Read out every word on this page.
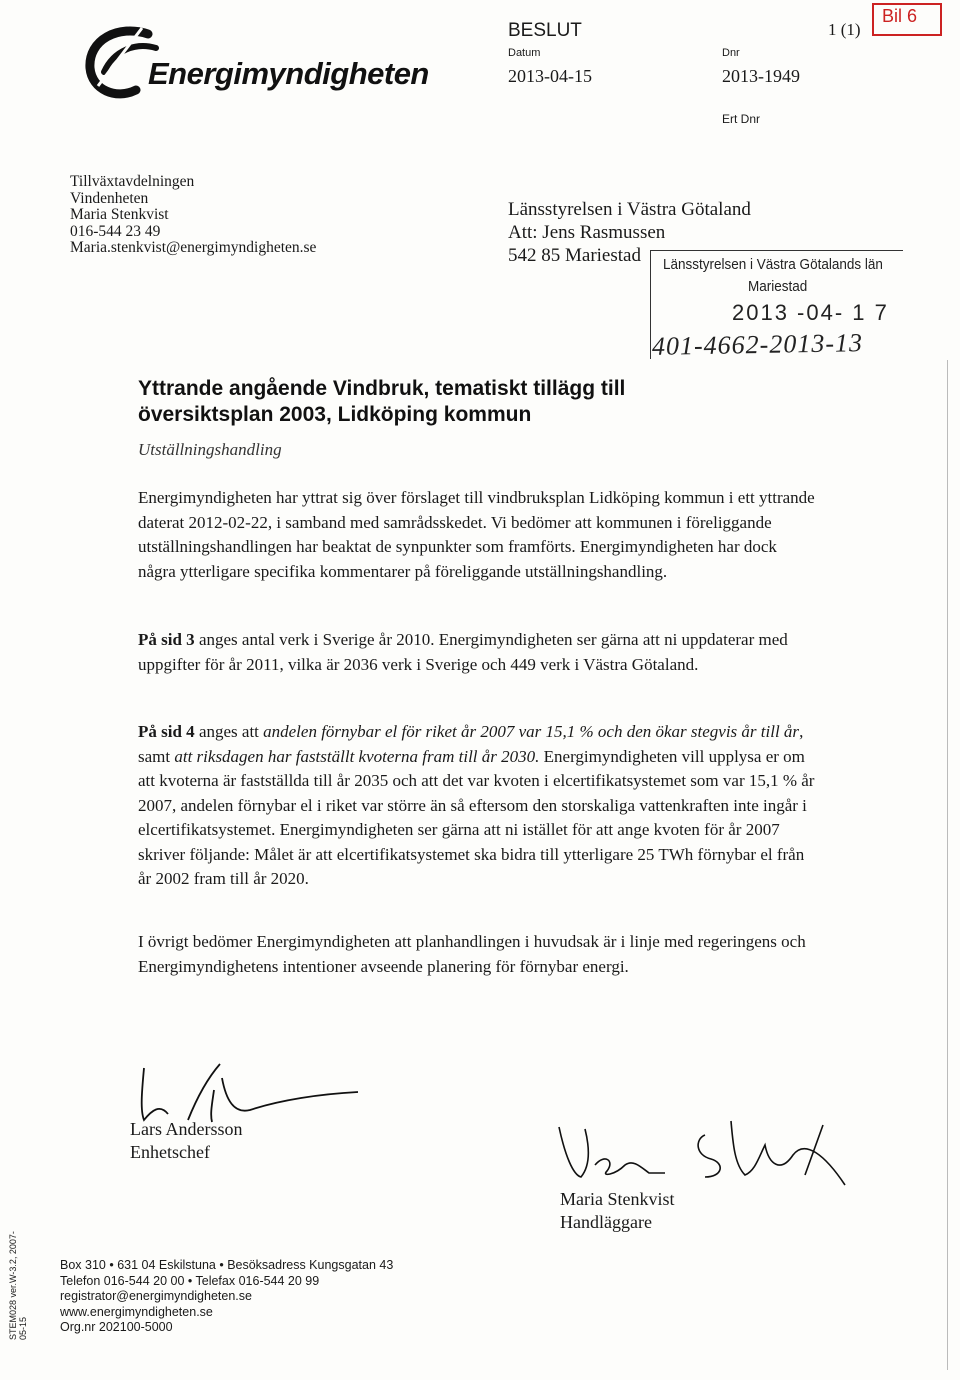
Energimyndigheten
BESLUT
Datum
2013-04-15
Dnr
2013-1949
1 (1)
Bil 6
Ert Dnr
Tillväxtavdelningen
Vindenheten
Maria Stenkvist
016-544 23 49
Maria.stenkvist@energimyndigheten.se
Länsstyrelsen i Västra Götaland
Att: Jens Rasmussen
542 85 Mariestad	Länsstyrelsen i Västra Götalands län
Mariestad
2013 -04- 1 7
401-4662-2013-13
Yttrande angående Vindbruk, tematiskt tillägg till
översiktsplan 2003, Lidköping kommun
Utställningshandling
Energimyndigheten har yttrat sig över förslaget till vindbruksplan Lidköping kommun i ett yttrande daterat 2012-02-22, i samband med samrådsskedet. Vi bedömer att kommunen i föreliggande utställningshandlingen har beaktat de synpunkter som framförts. Energimyndigheten har dock några ytterligare specifika kommentarer på föreliggande utställningshandling.
På sid 3 anges antal verk i Sverige år 2010. Energimyndigheten ser gärna att ni uppdaterar med uppgifter för år 2011, vilka är 2036 verk i Sverige och 449 verk i Västra Götaland.
På sid 4 anges att andelen förnybar el för riket år 2007 var 15,1 % och den ökar stegvis år till år, samt att riksdagen har fastställt kvoterna fram till år 2030. Energimyndigheten vill upplysa er om att kvoterna är fastställda till år 2035 och att det var kvoten i elcertifikatsystemet som var 15,1 % år 2007, andelen förnybar el i riket var större än så eftersom den storskaliga vattenkraften inte ingår i elcertifikatsystemet. Energimyndigheten ser gärna att ni istället för att ange kvoten för år 2007 skriver följande: Målet är att elcertifikatsystemet ska bidra till ytterligare 25 TWh förnybar el från år 2002 fram till år 2020.
I övrigt bedömer Energimyndigheten att planhandlingen i huvudsak är i linje med regeringens och Energimyndighetens intentioner avseende planering för förnybar energi.
Lars Andersson
Enhetschef
Maria Stenkvist
Handläggare
Box 310 • 631 04 Eskilstuna • Besöksadress Kungsgatan 43
Telefon 016-544 20 00 • Telefax 016-544 20 99
registrator@energimyndigheten.se
www.energimyndigheten.se
Org.nr 202100-5000
STEM028 ver.W-3.2, 2007-05-15
